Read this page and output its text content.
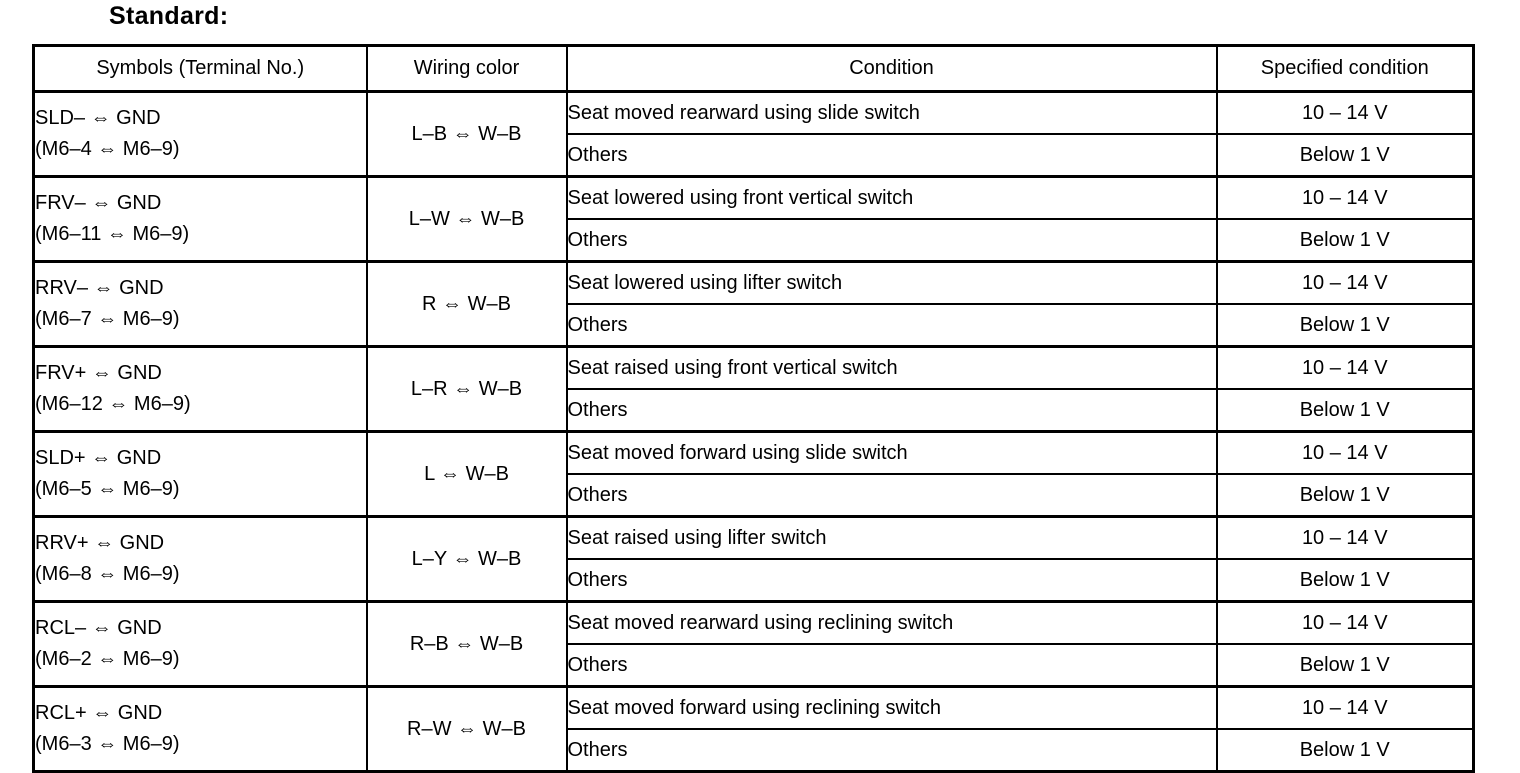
Standard:
Symbols (Terminal No.)	Wiring color	Condition	Specified condition

SLD– ⇔ GND
(M6–4 ⇔ M6–9)	L–B ⇔ W–B	Seat moved rearward using slide switch	10 – 14 V
		Others	Below 1 V

FRV– ⇔ GND
(M6–11 ⇔ M6–9)	L–W ⇔ W–B	Seat lowered using front vertical switch	10 – 14 V
		Others	Below 1 V

RRV– ⇔ GND
(M6–7 ⇔ M6–9)	R ⇔ W–B	Seat lowered using lifter switch	10 – 14 V
		Others	Below 1 V

FRV+ ⇔ GND
(M6–12 ⇔ M6–9)	L–R ⇔ W–B	Seat raised using front vertical switch	10 – 14 V
		Others	Below 1 V

SLD+ ⇔ GND
(M6–5 ⇔ M6–9)	L ⇔ W–B	Seat moved forward using slide switch	10 – 14 V
		Others	Below 1 V

RRV+ ⇔ GND
(M6–8 ⇔ M6–9)	L–Y ⇔ W–B	Seat raised using lifter switch	10 – 14 V
		Others	Below 1 V

RCL– ⇔ GND
(M6–2 ⇔ M6–9)	R–B ⇔ W–B	Seat moved rearward using reclining switch	10 – 14 V
		Others	Below 1 V

RCL+ ⇔ GND
(M6–3 ⇔ M6–9)	R–W ⇔ W–B	Seat moved forward using reclining switch	10 – 14 V
		Others	Below 1 V
